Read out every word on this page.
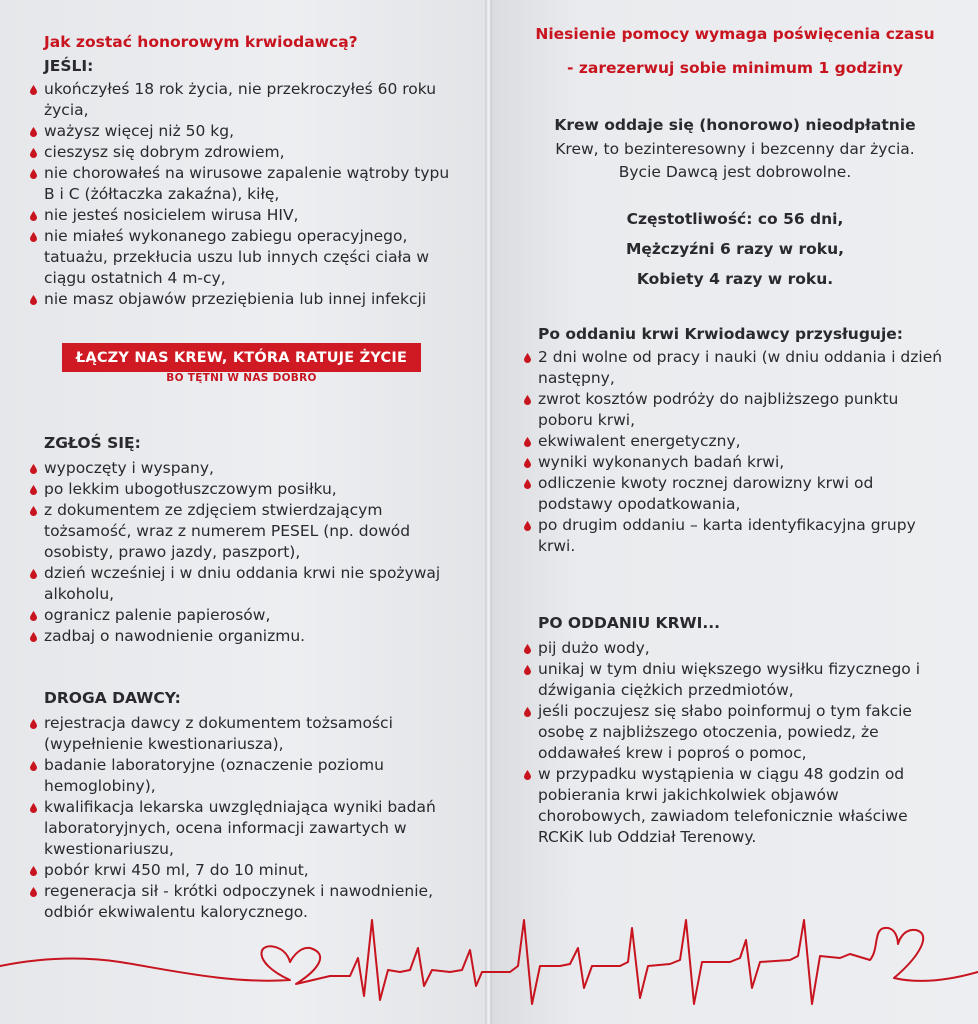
Jak zostać honorowym krwiodawcą?
JEŚLI:
ukończyłeś 18 rok życia, nie przekroczyłeś 60 roku życia,
ważysz więcej niż 50 kg,
cieszysz się dobrym zdrowiem,
nie chorowałeś na wirusowe zapalenie wątroby typu B i C (żółtaczka zakaźna), kiłę,
nie jesteś nosicielem wirusa HIV,
nie miałeś wykonanego zabiegu operacyjnego, tatuażu, przekłucia uszu lub innych części ciała w ciągu ostatnich 4 m-cy,
nie masz objawów przeziębienia lub innej infekcji
ŁĄCZY NAS KREW, KTÓRA RATUJE ŻYCIE
BO TĘTNI W NAS DOBRO
ZGŁOŚ SIĘ:
wypoczęty i wyspany,
po lekkim ubogotłuszczowym posiłku,
z dokumentem ze zdjęciem stwierdzającym tożsamość, wraz z numerem PESEL (np. dowód osobisty, prawo jazdy, paszport),
dzień wcześniej i w dniu oddania krwi nie spożywaj alkoholu,
ogranicz palenie papierosów,
zadbaj o nawodnienie organizmu.
DROGA DAWCY:
rejestracja dawcy z dokumentem tożsamości (wypełnienie kwestionariusza),
badanie laboratoryjne (oznaczenie poziomu hemoglobiny),
kwalifikacja lekarska uwzględniająca wyniki badań laboratoryjnych, ocena informacji zawartych w kwestionariuszu,
pobór krwi 450 ml, 7 do 10 minut,
regeneracja sił - krótki odpoczynek i nawodnienie, odbiór ekwiwalentu kalorycznego.
Niesienie pomocy wymaga poświęcenia czasu
- zarezerwuj sobie minimum 1 godziny
Krew oddaje się (honorowo) nieodpłatnie
Krew, to bezinteresowny i bezcenny dar życia.
Bycie Dawcą jest dobrowolne.
Częstotliwość: co 56 dni,
Mężczyźni 6 razy w roku,
Kobiety 4 razy w roku.
Po oddaniu krwi Krwiodawcy przysługuje:
2 dni wolne od pracy i nauki (w dniu oddania i dzień następny,
zwrot kosztów podróży do najbliższego punktu poboru krwi,
ekwiwalent energetyczny,
wyniki wykonanych badań krwi,
odliczenie kwoty rocznej darowizny krwi od podstawy opodatkowania,
po drugim oddaniu – karta identyfikacyjna grupy krwi.
PO ODDANIU KRWI...
pij dużo wody,
unikaj w tym dniu większego wysiłku fizycznego i dźwigania ciężkich przedmiotów,
jeśli poczujesz się słabo poinformuj o tym fakcie osobę z najbliższego otoczenia, powiedz, że oddawałeś krew i poproś o pomoc,
w przypadku wystąpienia w ciągu 48 godzin od pobierania krwi jakichkolwiek objawów chorobowych, zawiadom telefonicznie właściwe RCKiK lub Oddział Terenowy.
